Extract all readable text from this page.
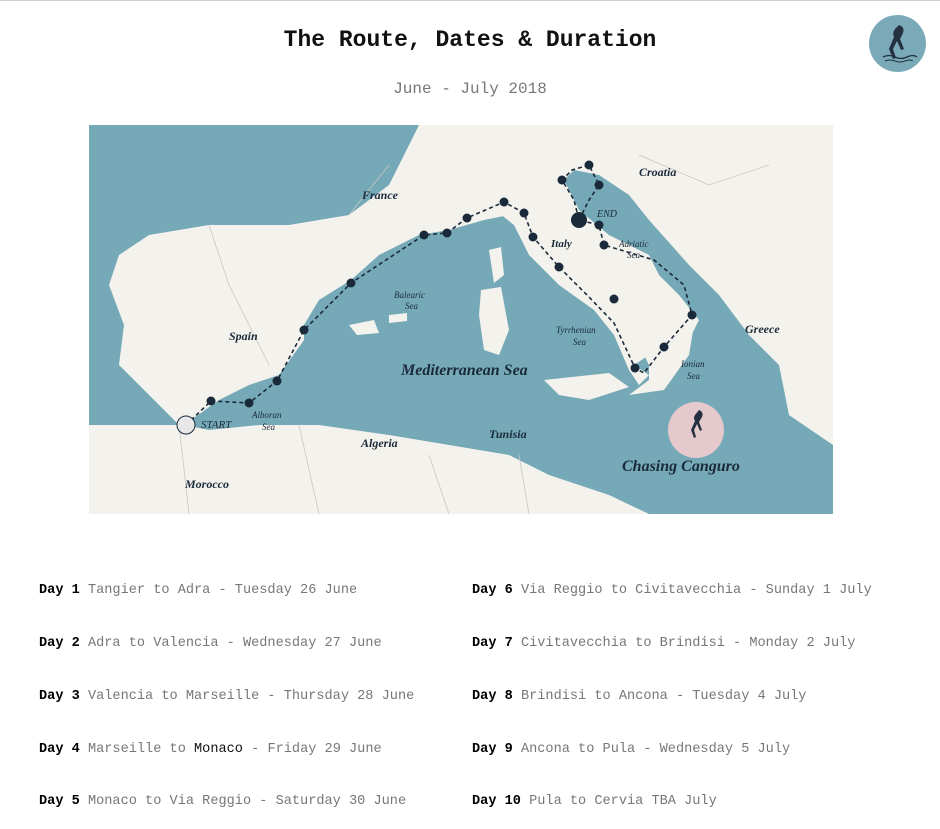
The Route, Dates & Duration
June - July 2018
France
Croatia
END
Italy	Adriatic
Sea
Balearic
Sea
Spain	Greece
Tyrrhenian
Sea
Mediterranean Sea	Ionian
Sea
START
Alboran
Sea
Algeria
Tunisia
Chasing Canguro
Morocco

Day 1 Tangier to Adra - Tuesday 26 June

Day 2 Adra to Valencia - Wednesday 27 June

Day 3 Valencia to Marseille - Thursday 28 June

Day 4 Marseille to Monaco - Friday 29 June

Day 5 Monaco to Via Reggio - Saturday 30 June

Day 6 Via Reggio to Civitavecchia - Sunday 1 July

Day 7 Civitavecchia to Brindisi - Monday 2 July

Day 8 Brindisi to Ancona - Tuesday 4 July

Day 9 Ancona to Pula - Wednesday 5 July

Day 10 Pula to Cervia TBA July
